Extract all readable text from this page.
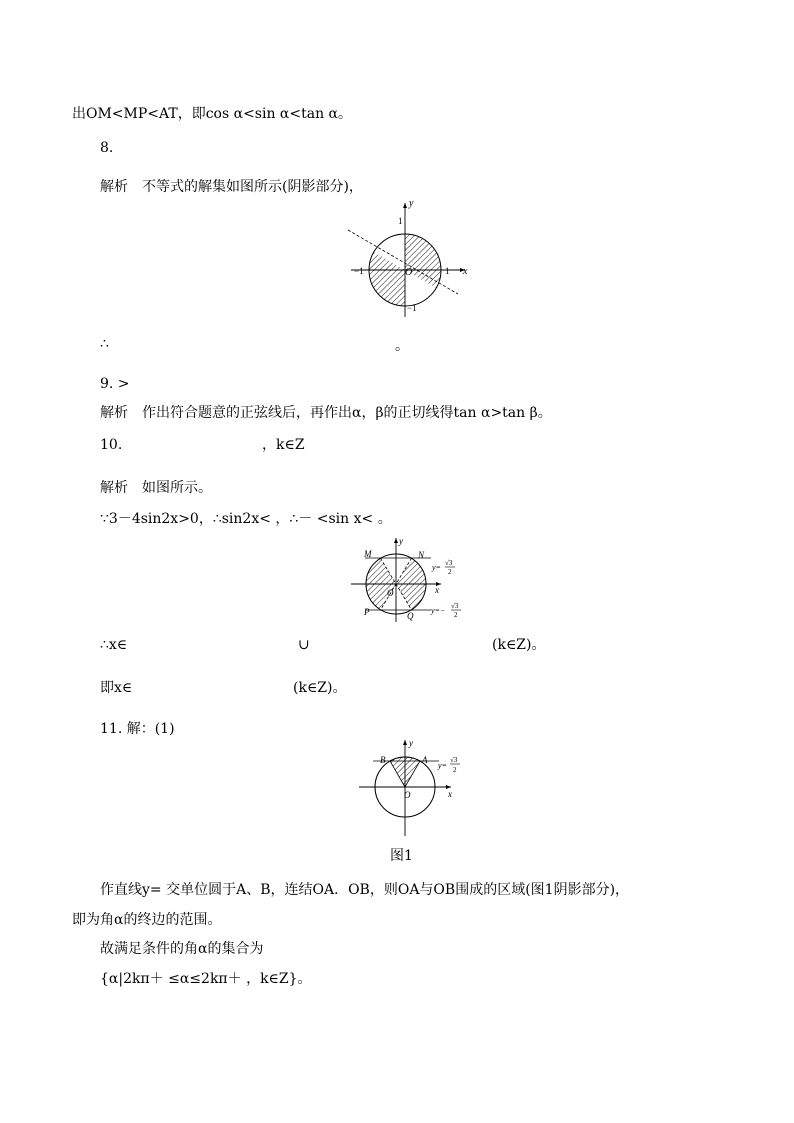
出OM<MP<AT，即cos α<sin α<tan α。
8.
解析　不等式的解集如图所示(阴影部分)，
y
x
O
1
−1	1
−1
∴	。
9. >
解析　作出符合题意的正弦线后，再作出α，β的正切线得tan α>tan β。
10.	，k∈Z
解析　如图所示。
∵3－4sin2x>0，∴sin2x< ，∴－ <sin x< 。
y
x
O
M	N
P	Q
y= √3
2
y=− √3
2
∴x∈	∪	(k∈Z)。
即x∈	(k∈Z)。
11. 解：(1)
y
x
O
B	A
y=
√3
2
图1
作直线y= 交单位圆于A、B，连结OA．OB，则OA与OB围成的区域(图1阴影部分)，
即为角α的终边的范围。
故满足条件的角α的集合为
{α|2kπ＋ ≤α≤2kπ＋ ，k∈Z}。
